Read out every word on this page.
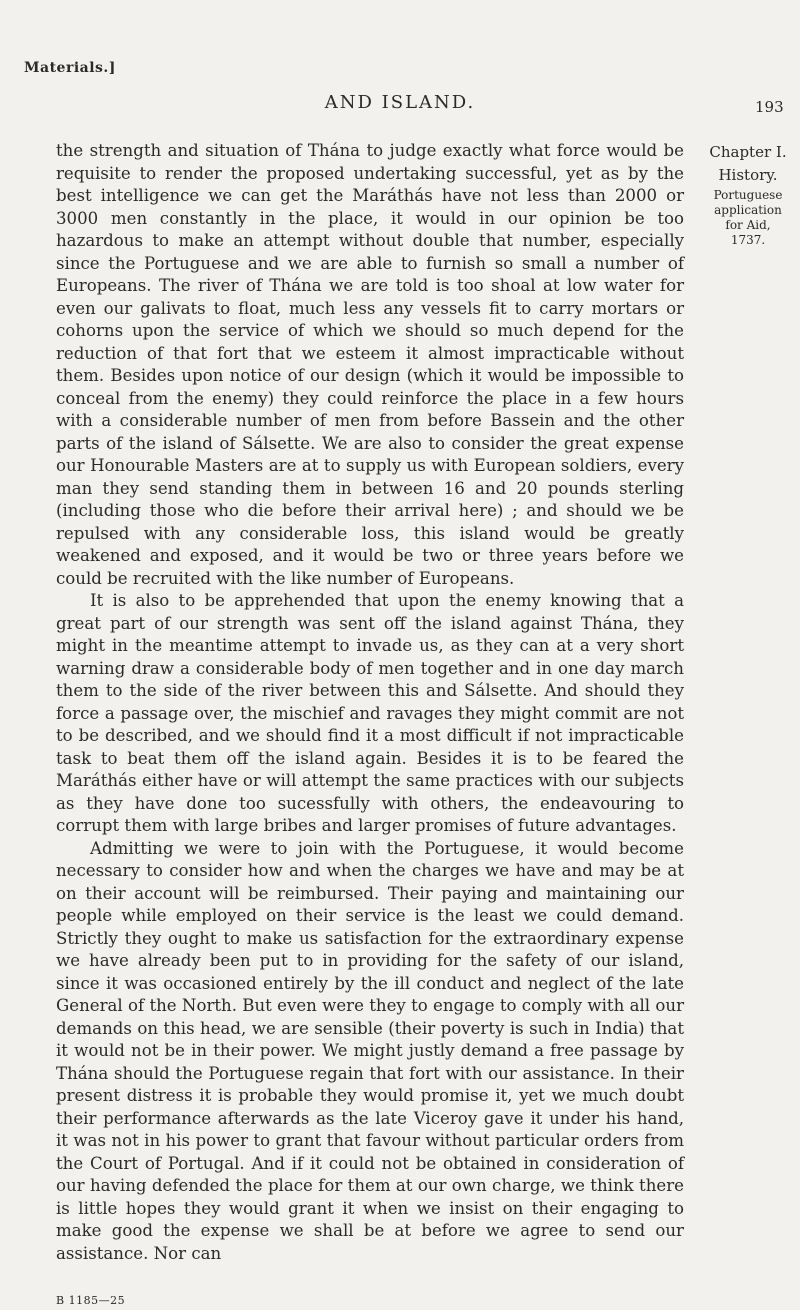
Materials.]
AND ISLAND.	193

the strength and situation of Thána to judge exactly what force would be requisite to render the proposed undertaking successful, yet as by the best intelligence we can get the Maráthás have not less than 2000 or 3000 men constantly in the place, it would in our opinion be too hazardous to make an attempt without double that number, especially since the Portuguese and we are able to furnish so small a number of Europeans. The river of Thána we are told is too shoal at low water for even our galivats to float, much less any vessels fit to carry mortars or cohorns upon the service of which we should so much depend for the reduction of that fort that we esteem it almost impracticable without them. Besides upon notice of our design (which it would be impossible to conceal from the enemy) they could reinforce the place in a few hours with a considerable number of men from before Bassein and the other parts of the island of Sálsette. We are also to consider the great expense our Honourable Masters are at to supply us with European soldiers, every man they send standing them in between 16 and 20 pounds sterling (including those who die before their arrival here) ; and should we be repulsed with any considerable loss, this island would be greatly weakened and exposed, and it would be two or three years before we could be recruited with the like number of Europeans.

It is also to be apprehended that upon the enemy knowing that a great part of our strength was sent off the island against Thána, they might in the meantime attempt to invade us, as they can at a very short warning draw a considerable body of men together and in one day march them to the side of the river between this and Sálsette. And should they force a passage over, the mischief and ravages they might commit are not to be described, and we should find it a most difficult if not impracticable task to beat them off the island again. Besides it is to be feared the Maráthás either have or will attempt the same practices with our subjects as they have done too sucessfully with others, the endeavouring to corrupt them with large bribes and larger promises of future advantages.

Admitting we were to join with the Portuguese, it would become necessary to consider how and when the charges we have and may be at on their account will be reimbursed. Their paying and maintaining our people while employed on their service is the least we could demand. Strictly they ought to make us satisfaction for the extraordinary expense we have already been put to in providing for the safety of our island, since it was occasioned entirely by the ill conduct and neglect of the late General of the North. But even were they to engage to comply with all our demands on this head, we are sensible (their poverty is such in India) that it would not be in their power. We might justly demand a free passage by Thána should the Portuguese regain that fort with our assistance. In their present distress it is probable they would promise it, yet we much doubt their performance afterwards as the late Viceroy gave it under his hand, it was not in his power to grant that favour without particular orders from the Court of Portugal. And if it could not be obtained in consideration of our having defended the place for them at our own charge, we think there is little hopes they would grant it when we insist on their engaging to make good the expense we shall be at before we agree to send our assistance. Nor can

Chapter I.
History.
Portuguese
application
for Aid,
1737.
B 1185—25
